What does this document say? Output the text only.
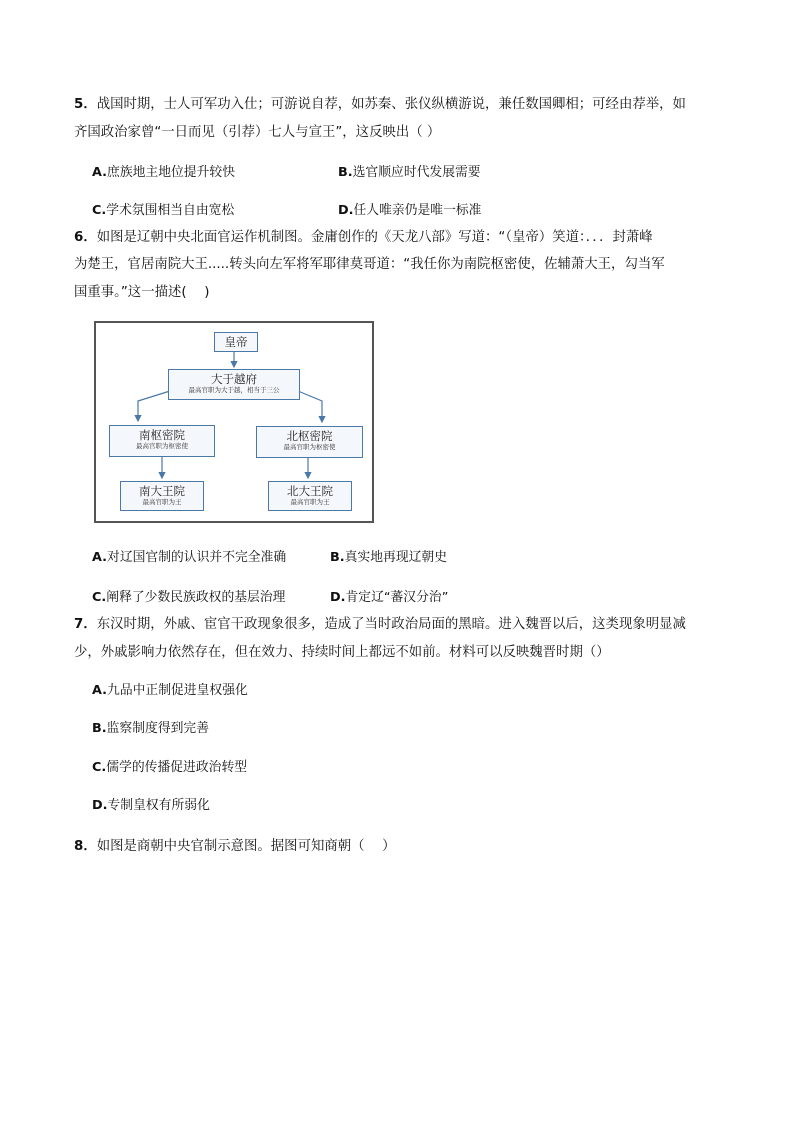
5．战国时期，士人可军功入仕；可游说自荐，如苏秦、张仪纵横游说，兼任数国卿相；可经由荐举，如
齐国政治家曾“一日而见（引荐）七人与宣王”，这反映出（ ）
A.庶族地主地位提升较快	B.选官顺应时代发展需要
C.学术氛围相当自由宽松	D.任人唯亲仍是唯一标准
6．如图是辽朝中央北面官运作机制图。金庸创作的《天龙八部》写道：“（皇帝）笑道：．．．封萧峰
为楚王，官居南院大王.....转头向左军将军耶律莫哥道：“我任你为南院枢密使，佐辅萧大王，勾当军
国重事。”这一描述(　 )
皇帝
大于越府
最高官职为大于越，相当于三公
南枢密院
最高官职为枢密使
北枢密院
最高官职为枢密使
南大王院
最高官职为王
北大王院
最高官职为王
A.对辽国官制的认识并不完全准确	B.真实地再现辽朝史
C.阐释了少数民族政权的基层治理	D.肯定辽“蕃汉分治”
7．东汉时期，外戚、宦官干政现象很多，造成了当时政治局面的黑暗。进入魏晋以后，这类现象明显减
少，外戚影响力依然存在，但在效力、持续时间上都远不如前。材料可以反映魏晋时期（）
A.九品中正制促进皇权强化
B.监察制度得到完善
C.儒学的传播促进政治转型
D.专制皇权有所弱化
8．如图是商朝中央官制示意图。据图可知商朝（　 ）
